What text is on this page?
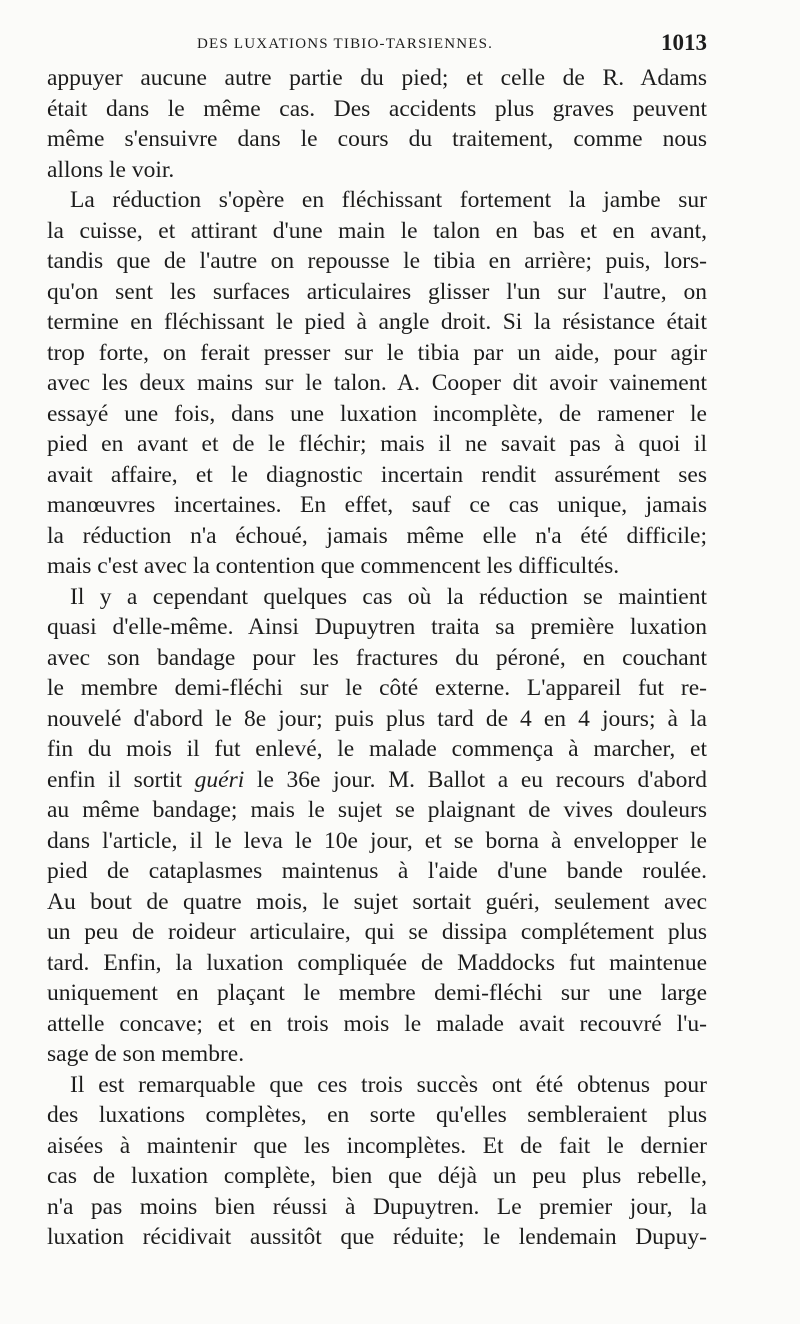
DES LUXATIONS TIBIO-TARSIENNES.	1013
appuyer aucune autre partie du pied; et celle de R. Adams
était dans le même cas. Des accidents plus graves peuvent
même s'ensuivre dans le cours du traitement, comme nous
allons le voir.
La réduction s'opère en fléchissant fortement la jambe sur
la cuisse, et attirant d'une main le talon en bas et en avant,
tandis que de l'autre on repousse le tibia en arrière; puis, lors-
qu'on sent les surfaces articulaires glisser l'un sur l'autre, on
termine en fléchissant le pied à angle droit. Si la résistance était
trop forte, on ferait presser sur le tibia par un aide, pour agir
avec les deux mains sur le talon. A. Cooper dit avoir vainement
essayé une fois, dans une luxation incomplète, de ramener le
pied en avant et de le fléchir; mais il ne savait pas à quoi il
avait affaire, et le diagnostic incertain rendit assurément ses
manœuvres incertaines. En effet, sauf ce cas unique, jamais
la réduction n'a échoué, jamais même elle n'a été difficile;
mais c'est avec la contention que commencent les difficultés.
Il y a cependant quelques cas où la réduction se maintient
quasi d'elle-même. Ainsi Dupuytren traita sa première luxation
avec son bandage pour les fractures du péroné, en couchant
le membre demi-fléchi sur le côté externe. L'appareil fut re-
nouvelé d'abord le 8e jour; puis plus tard de 4 en 4 jours; à la
fin du mois il fut enlevé, le malade commença à marcher, et
enfin il sortit guéri le 36e jour. M. Ballot a eu recours d'abord
au même bandage; mais le sujet se plaignant de vives douleurs
dans l'article, il le leva le 10e jour, et se borna à envelopper le
pied de cataplasmes maintenus à l'aide d'une bande roulée.
Au bout de quatre mois, le sujet sortait guéri, seulement avec
un peu de roideur articulaire, qui se dissipa complétement plus
tard. Enfin, la luxation compliquée de Maddocks fut maintenue
uniquement en plaçant le membre demi-fléchi sur une large
attelle concave; et en trois mois le malade avait recouvré l'u-
sage de son membre.
Il est remarquable que ces trois succès ont été obtenus pour
des luxations complètes, en sorte qu'elles sembleraient plus
aisées à maintenir que les incomplètes. Et de fait le dernier
cas de luxation complète, bien que déjà un peu plus rebelle,
n'a pas moins bien réussi à Dupuytren. Le premier jour, la
luxation récidivait aussitôt que réduite; le lendemain Dupuy-
